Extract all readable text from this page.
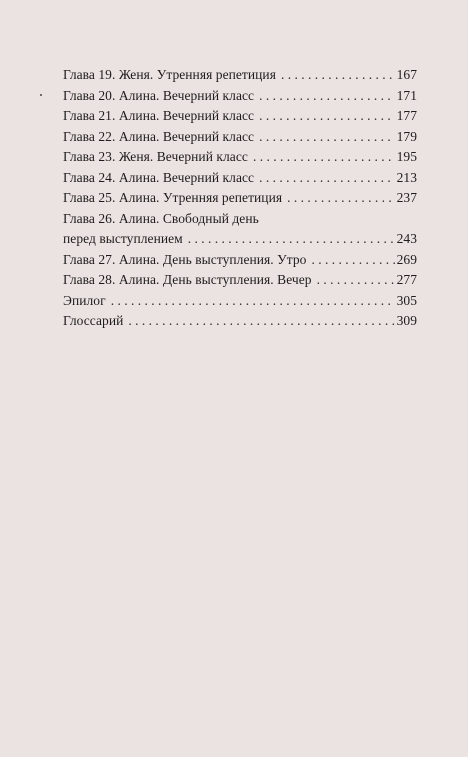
Глава 19. Женя. Утренняя репетиция . . .	167
Глава 20. Алина. Вечерний класс . . .	171
Глава 21. Алина. Вечерний класс . . .	177
Глава 22. Алина. Вечерний класс . . .	179
Глава 23. Женя. Вечерний класс . . .	195
Глава 24. Алина. Вечерний класс . . .	213
Глава 25. Алина. Утренняя репетиция . . .	237
Глава 26. Алина. Свободный день
перед выступлением . . .	243
Глава 27. Алина. День выступления. Утро . . .	269
Глава 28. Алина. День выступления. Вечер . . .	277
Эпилог . . .	305
Глоссарий . . .	309
